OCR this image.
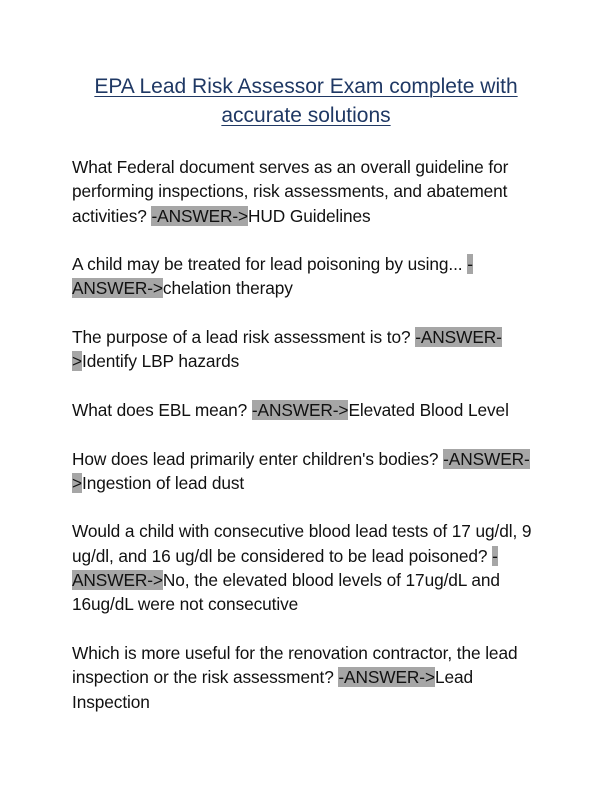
EPA Lead Risk Assessor Exam complete with accurate solutions

What Federal document serves as an overall guideline for performing inspections, risk assessments, and abatement activities? -ANSWER->HUD Guidelines

A child may be treated for lead poisoning by using... -ANSWER->chelation therapy

The purpose of a lead risk assessment is to? -ANSWER->Identify LBP hazards

What does EBL mean? -ANSWER->Elevated Blood Level

How does lead primarily enter children's bodies? -ANSWER->Ingestion of lead dust

Would a child with consecutive blood lead tests of 17 ug/dl, 9 ug/dl, and 16 ug/dl be considered to be lead poisoned? -ANSWER->No, the elevated blood levels of 17ug/dL and 16ug/dL were not consecutive

Which is more useful for the renovation contractor, the lead inspection or the risk assessment? -ANSWER->Lead Inspection
